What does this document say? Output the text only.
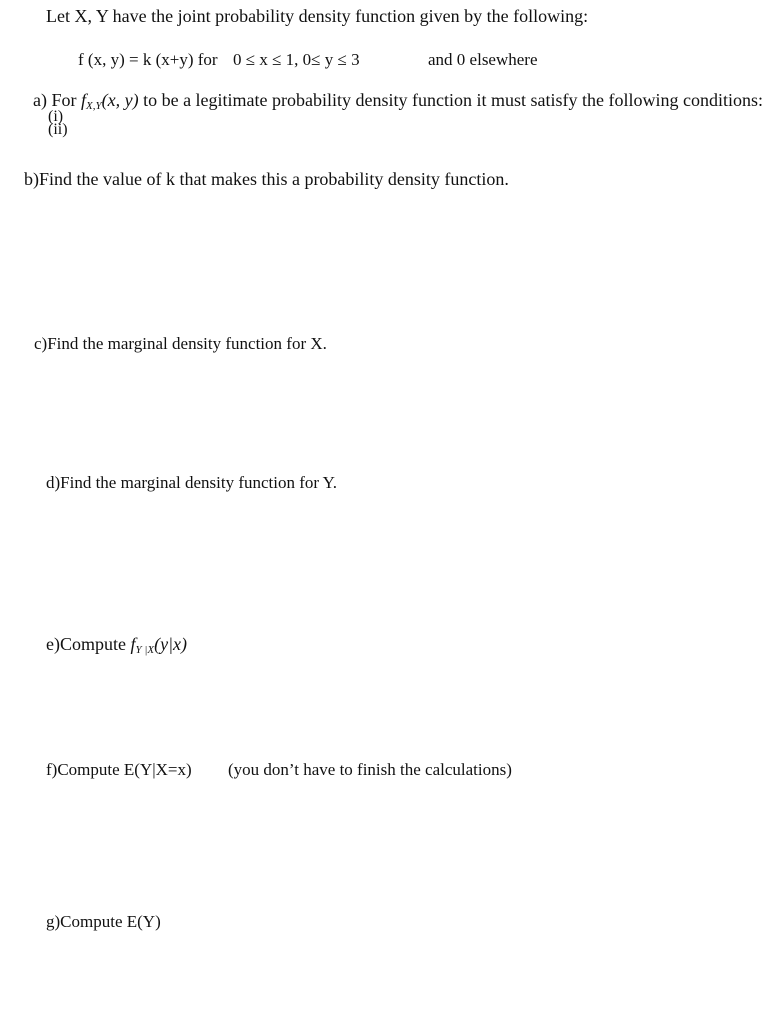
Let X, Y have the joint probability density function given by the following:
f (x, y) = k (x+y) for 0 ≤ x ≤ 1, 0≤ y ≤ 3	and 0 elsewhere
a) For $f_{X,Y}(x$, y) to be a legitimate probability density function it must satisfy the following conditions:
(i)
(ii)
b)Find the value of k that makes this a probability density function.
c)Find the marginal density function for X.
d)Find the marginal density function for Y.
e)Compute $f_{Y |X}(y|x)$
f)Compute E(Y|X=x) (you don’t have to finish the calculations)
g)Compute E(Y)
